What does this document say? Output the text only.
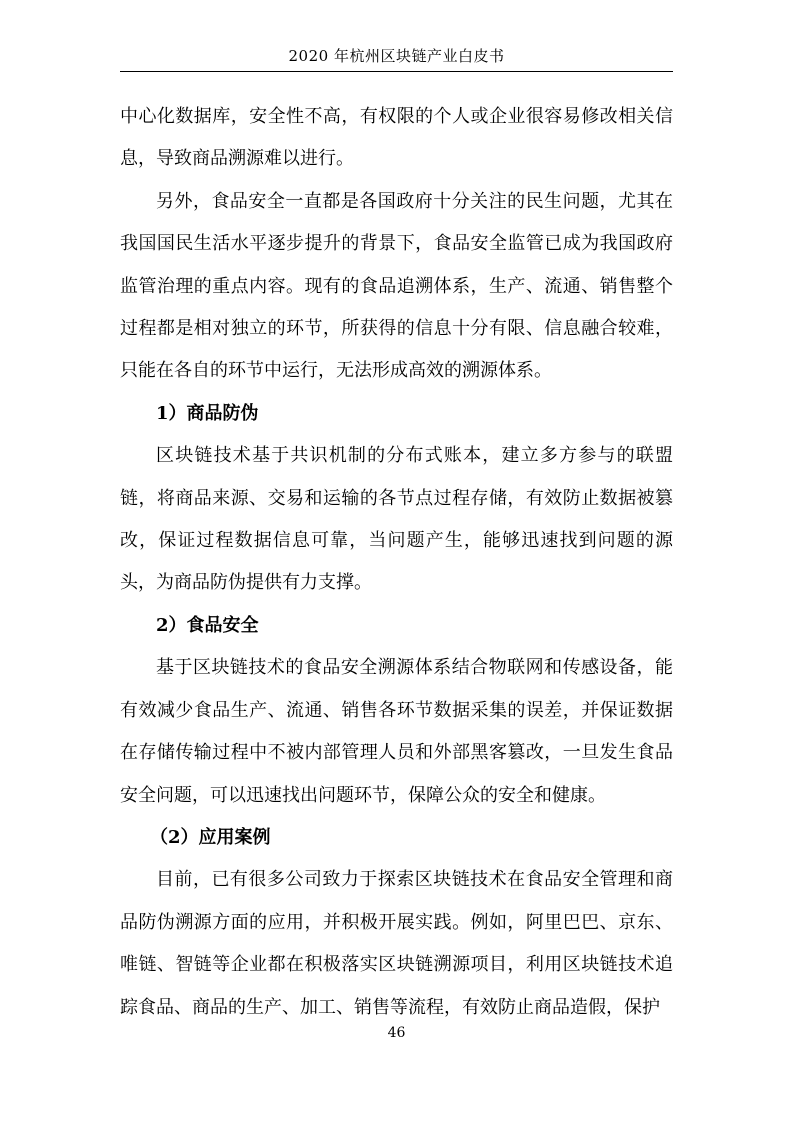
2020 年杭州区块链产业白皮书

中心化数据库，安全性不高，有权限的个人或企业很容易修改相关信息，导致商品溯源难以进行。

另外，食品安全一直都是各国政府十分关注的民生问题，尤其在我国国民生活水平逐步提升的背景下，食品安全监管已成为我国政府监管治理的重点内容。现有的食品追溯体系，生产、流通、销售整个过程都是相对独立的环节，所获得的信息十分有限、信息融合较难，只能在各自的环节中运行，无法形成高效的溯源体系。

1）商品防伪

区块链技术基于共识机制的分布式账本，建立多方参与的联盟链，将商品来源、交易和运输的各节点过程存储，有效防止数据被篡改，保证过程数据信息可靠，当问题产生，能够迅速找到问题的源头，为商品防伪提供有力支撑。

2）食品安全

基于区块链技术的食品安全溯源体系结合物联网和传感设备，能有效减少食品生产、流通、销售各环节数据采集的误差，并保证数据在存储传输过程中不被内部管理人员和外部黑客篡改，一旦发生食品安全问题，可以迅速找出问题环节，保障公众的安全和健康。

（2）应用案例

目前，已有很多公司致力于探索区块链技术在食品安全管理和商品防伪溯源方面的应用，并积极开展实践。例如，阿里巴巴、京东、唯链、智链等企业都在积极落实区块链溯源项目，利用区块链技术追踪食品、商品的生产、加工、销售等流程，有效防止商品造假，保护

46
